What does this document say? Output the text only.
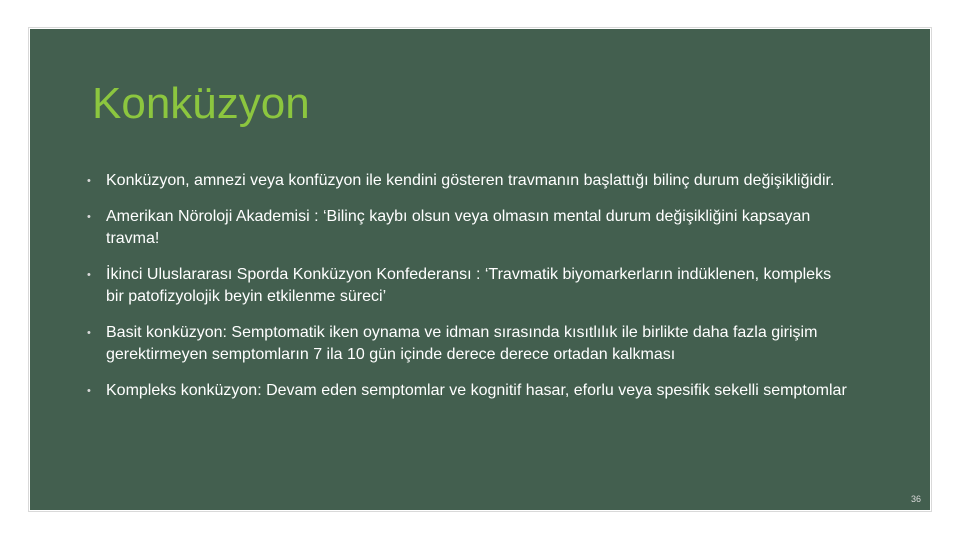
Konküzyon
• Konküzyon, amnezi veya konfüzyon ile kendini gösteren travmanın başlattığı bilinç durum değişikliğidir.
• Amerikan Nöroloji Akademisi : ‘Bilinç kaybı olsun veya olmasın mental durum değişikliğini kapsayan travma!
• İkinci Uluslararası Sporda Konküzyon Konfederansı : ‘Travmatik biyomarkerların indüklenen, kompleks bir patofizyolojik beyin etkilenme süreci’
• Basit konküzyon: Semptomatik iken oynama ve idman sırasında kısıtlılık ile birlikte daha fazla girişim gerektirmeyen semptomların 7 ila 10 gün içinde derece derece ortadan kalkması
• Kompleks konküzyon: Devam eden semptomlar ve kognitif hasar, eforlu veya spesifik sekelli semptomlar
36
